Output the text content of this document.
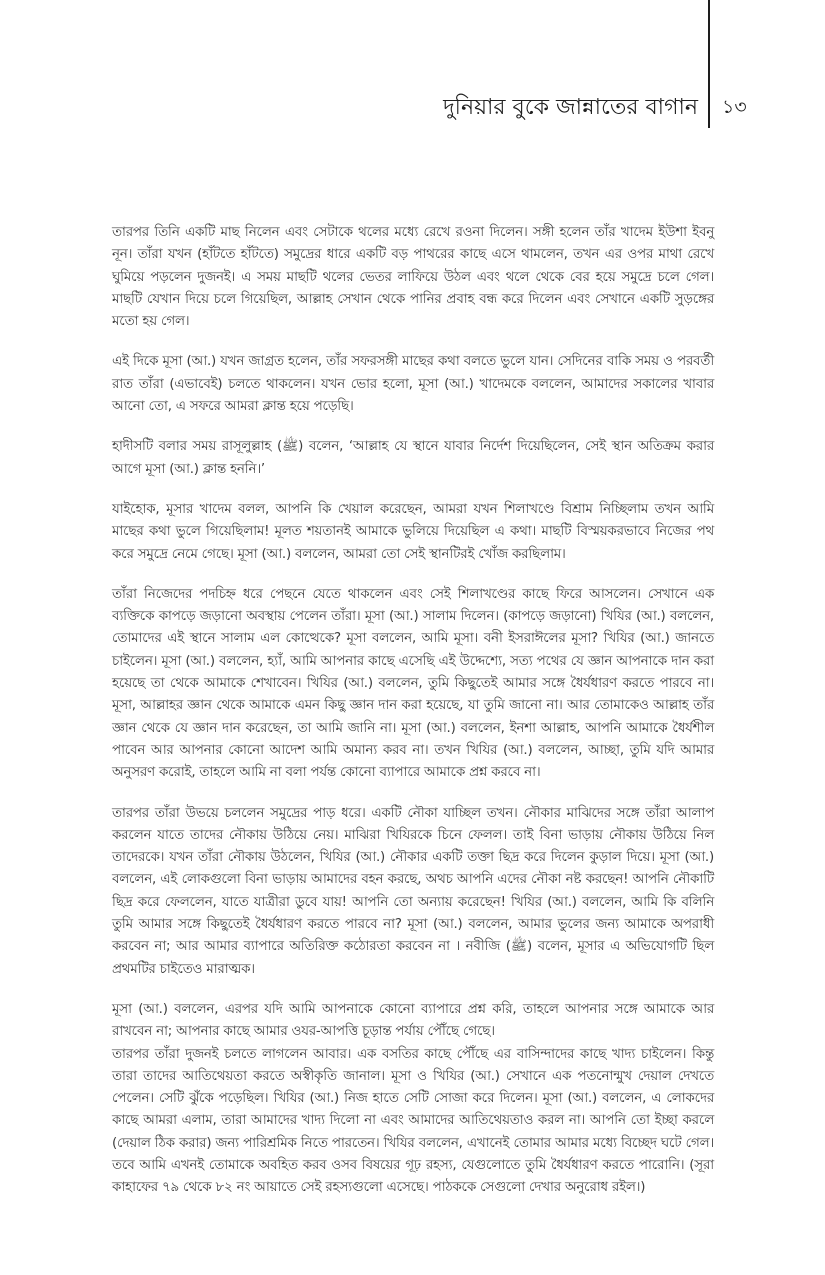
দুনিয়ার বুকে জান্নাতের বাগান ১৩

তারপর তিনি একটি মাছ নিলেন এবং সেটাকে থলের মধ্যে রেখে রওনা দিলেন। সঙ্গী হলেন তাঁর খাদেম ইউশা ইবনু নূন। তাঁরা যখন (হাঁটতে হাঁটতে) সমুদ্রের ধারে একটি বড় পাথরের কাছে এসে থামলেন, তখন এর ওপর মাথা রেখে ঘুমিয়ে পড়লেন দুজনই। এ সময় মাছটি থলের ভেতর লাফিয়ে উঠল এবং থলে থেকে বের হয়ে সমুদ্রে চলে গেল। মাছটি যেখান দিয়ে চলে গিয়েছিল, আল্লাহ সেখান থেকে পানির প্রবাহ বন্ধ করে দিলেন এবং সেখানে একটি সুড়ঙ্গের মতো হয় গেল।

এই দিকে মূসা (আ.) যখন জাগ্রত হলেন, তাঁর সফরসঙ্গী মাছের কথা বলতে ভুলে যান। সেদিনের বাকি সময় ও পরবর্তী রাত তাঁরা (এভাবেই) চলতে থাকলেন। যখন ভোর হলো, মূসা (আ.) খাদেমকে বললেন, আমাদের সকালের খাবার আনো তো, এ সফরে আমরা ক্লান্ত হয়ে পড়েছি।

হাদীসটি বলার সময় রাসূলুল্লাহ (ﷺ) বলেন, ‘আল্লাহ যে স্থানে যাবার নির্দেশ দিয়েছিলেন, সেই স্থান অতিক্রম করার আগে মূসা (আ.) ক্লান্ত হননি।’

যাইহোক, মূসার খাদেম বলল, আপনি কি খেয়াল করেছেন, আমরা যখন শিলাখণ্ডে বিশ্রাম নিচ্ছিলাম তখন আমি মাছের কথা ভুলে গিয়েছিলাম! মূলত শয়তানই আমাকে ভুলিয়ে দিয়েছিল এ কথা। মাছটি বিস্ময়করভাবে নিজের পথ করে সমুদ্রে নেমে গেছে। মূসা (আ.) বললেন, আমরা তো সেই স্থানটিরই খোঁজ করছিলাম।

তাঁরা নিজেদের পদচিহ্ন ধরে পেছনে যেতে থাকলেন এবং সেই শিলাখণ্ডের কাছে ফিরে আসলেন। সেখানে এক ব্যক্তিকে কাপড়ে জড়ানো অবস্থায় পেলেন তাঁরা। মূসা (আ.) সালাম দিলেন। (কাপড়ে জড়ানো) খিযির (আ.) বললেন, তোমাদের এই স্থানে সালাম এল কোত্থেকে? মূসা বললেন, আমি মূসা। বনী ইসরাঈলের মূসা? খিযির (আ.) জানতে চাইলেন। মূসা (আ.) বললেন, হ্যাঁ, আমি আপনার কাছে এসেছি এই উদ্দেশ্যে, সত্য পথের যে জ্ঞান আপনাকে দান করা হয়েছে তা থেকে আমাকে শেখাবেন। খিযির (আ.) বললেন, তুমি কিছুতেই আমার সঙ্গে ধৈর্যধারণ করতে পারবে না। মূসা, আল্লাহর জ্ঞান থেকে আমাকে এমন কিছু জ্ঞান দান করা হয়েছে, যা তুমি জানো না। আর তোমাকেও আল্লাহ তাঁর জ্ঞান থেকে যে জ্ঞান দান করেছেন, তা আমি জানি না। মূসা (আ.) বললেন, ইনশা আল্লাহ, আপনি আমাকে ধৈর্যশীল পাবেন আর আপনার কোনো আদেশ আমি অমান্য করব না। তখন খিযির (আ.) বললেন, আচ্ছা, তুমি যদি আমার অনুসরণ করোই, তাহলে আমি না বলা পর্যন্ত কোনো ব্যাপারে আমাকে প্রশ্ন করবে না।

তারপর তাঁরা উভয়ে চললেন সমুদ্রের পাড় ধরে। একটি নৌকা যাচ্ছিল তখন। নৌকার মাঝিদের সঙ্গে তাঁরা আলাপ করলেন যাতে তাদের নৌকায় উঠিয়ে নেয়। মাঝিরা খিযিরকে চিনে ফেলল। তাই বিনা ভাড়ায় নৌকায় উঠিয়ে নিল তাদেরকে। যখন তাঁরা নৌকায় উঠলেন, খিযির (আ.) নৌকার একটি তক্তা ছিদ্র করে দিলেন কুড়াল দিয়ে। মূসা (আ.) বললেন, এই লোকগুলো বিনা ভাড়ায় আমাদের বহন করছে, অথচ আপনি এদের নৌকা নষ্ট করছেন! আপনি নৌকাটি ছিদ্র করে ফেললেন, যাতে যাত্রীরা ডুবে যায়! আপনি তো অন্যায় করেছেন! খিযির (আ.) বললেন, আমি কি বলিনি তুমি আমার সঙ্গে কিছুতেই ধৈর্যধারণ করতে পারবে না? মূসা (আ.) বললেন, আমার ভুলের জন্য আমাকে অপরাধী করবেন না; আর আমার ব্যাপারে অতিরিক্ত কঠোরতা করবেন না । নবীজি (ﷺ) বলেন, মূসার এ অভিযোগটি ছিল প্রথমটির চাইতেও মারাত্মক।

মূসা (আ.) বললেন, এরপর যদি আমি আপনাকে কোনো ব্যাপারে প্রশ্ন করি, তাহলে আপনার সঙ্গে আমাকে আর রাখবেন না; আপনার কাছে আমার ওযর-আপত্তি চূড়ান্ত পর্যায় পৌঁছে গেছে।

তারপর তাঁরা দুজনই চলতে লাগলেন আবার। এক বসতির কাছে পৌঁছে এর বাসিন্দাদের কাছে খাদ্য চাইলেন। কিন্তু তারা তাদের আতিথেয়তা করতে অস্বীকৃতি জানাল। মূসা ও খিযির (আ.) সেখানে এক পতনোন্মুখ দেয়াল দেখতে পেলেন। সেটি ঝুঁকে পড়েছিল। খিযির (আ.) নিজ হাতে সেটি সোজা করে দিলেন। মূসা (আ.) বললেন, এ লোকদের কাছে আমরা এলাম, তারা আমাদের খাদ্য দিলো না এবং আমাদের আতিথেয়তাও করল না। আপনি তো ইচ্ছা করলে (দেয়াল ঠিক করার) জন্য পারিশ্রমিক নিতে পারতেন। খিযির বললেন, এখানেই তোমার আমার মধ্যে বিচ্ছেদ ঘটে গেল। তবে আমি এখনই তোমাকে অবহিত করব ওসব বিষয়ের গূঢ় রহস্য, যেগুলোতে তুমি ধৈর্যধারণ করতে পারোনি। (সূরা কাহাফের ৭৯ থেকে ৮২ নং আয়াতে সেই রহস্যগুলো এসেছে। পাঠককে সেগুলো দেখার অনুরোধ রইল।)
